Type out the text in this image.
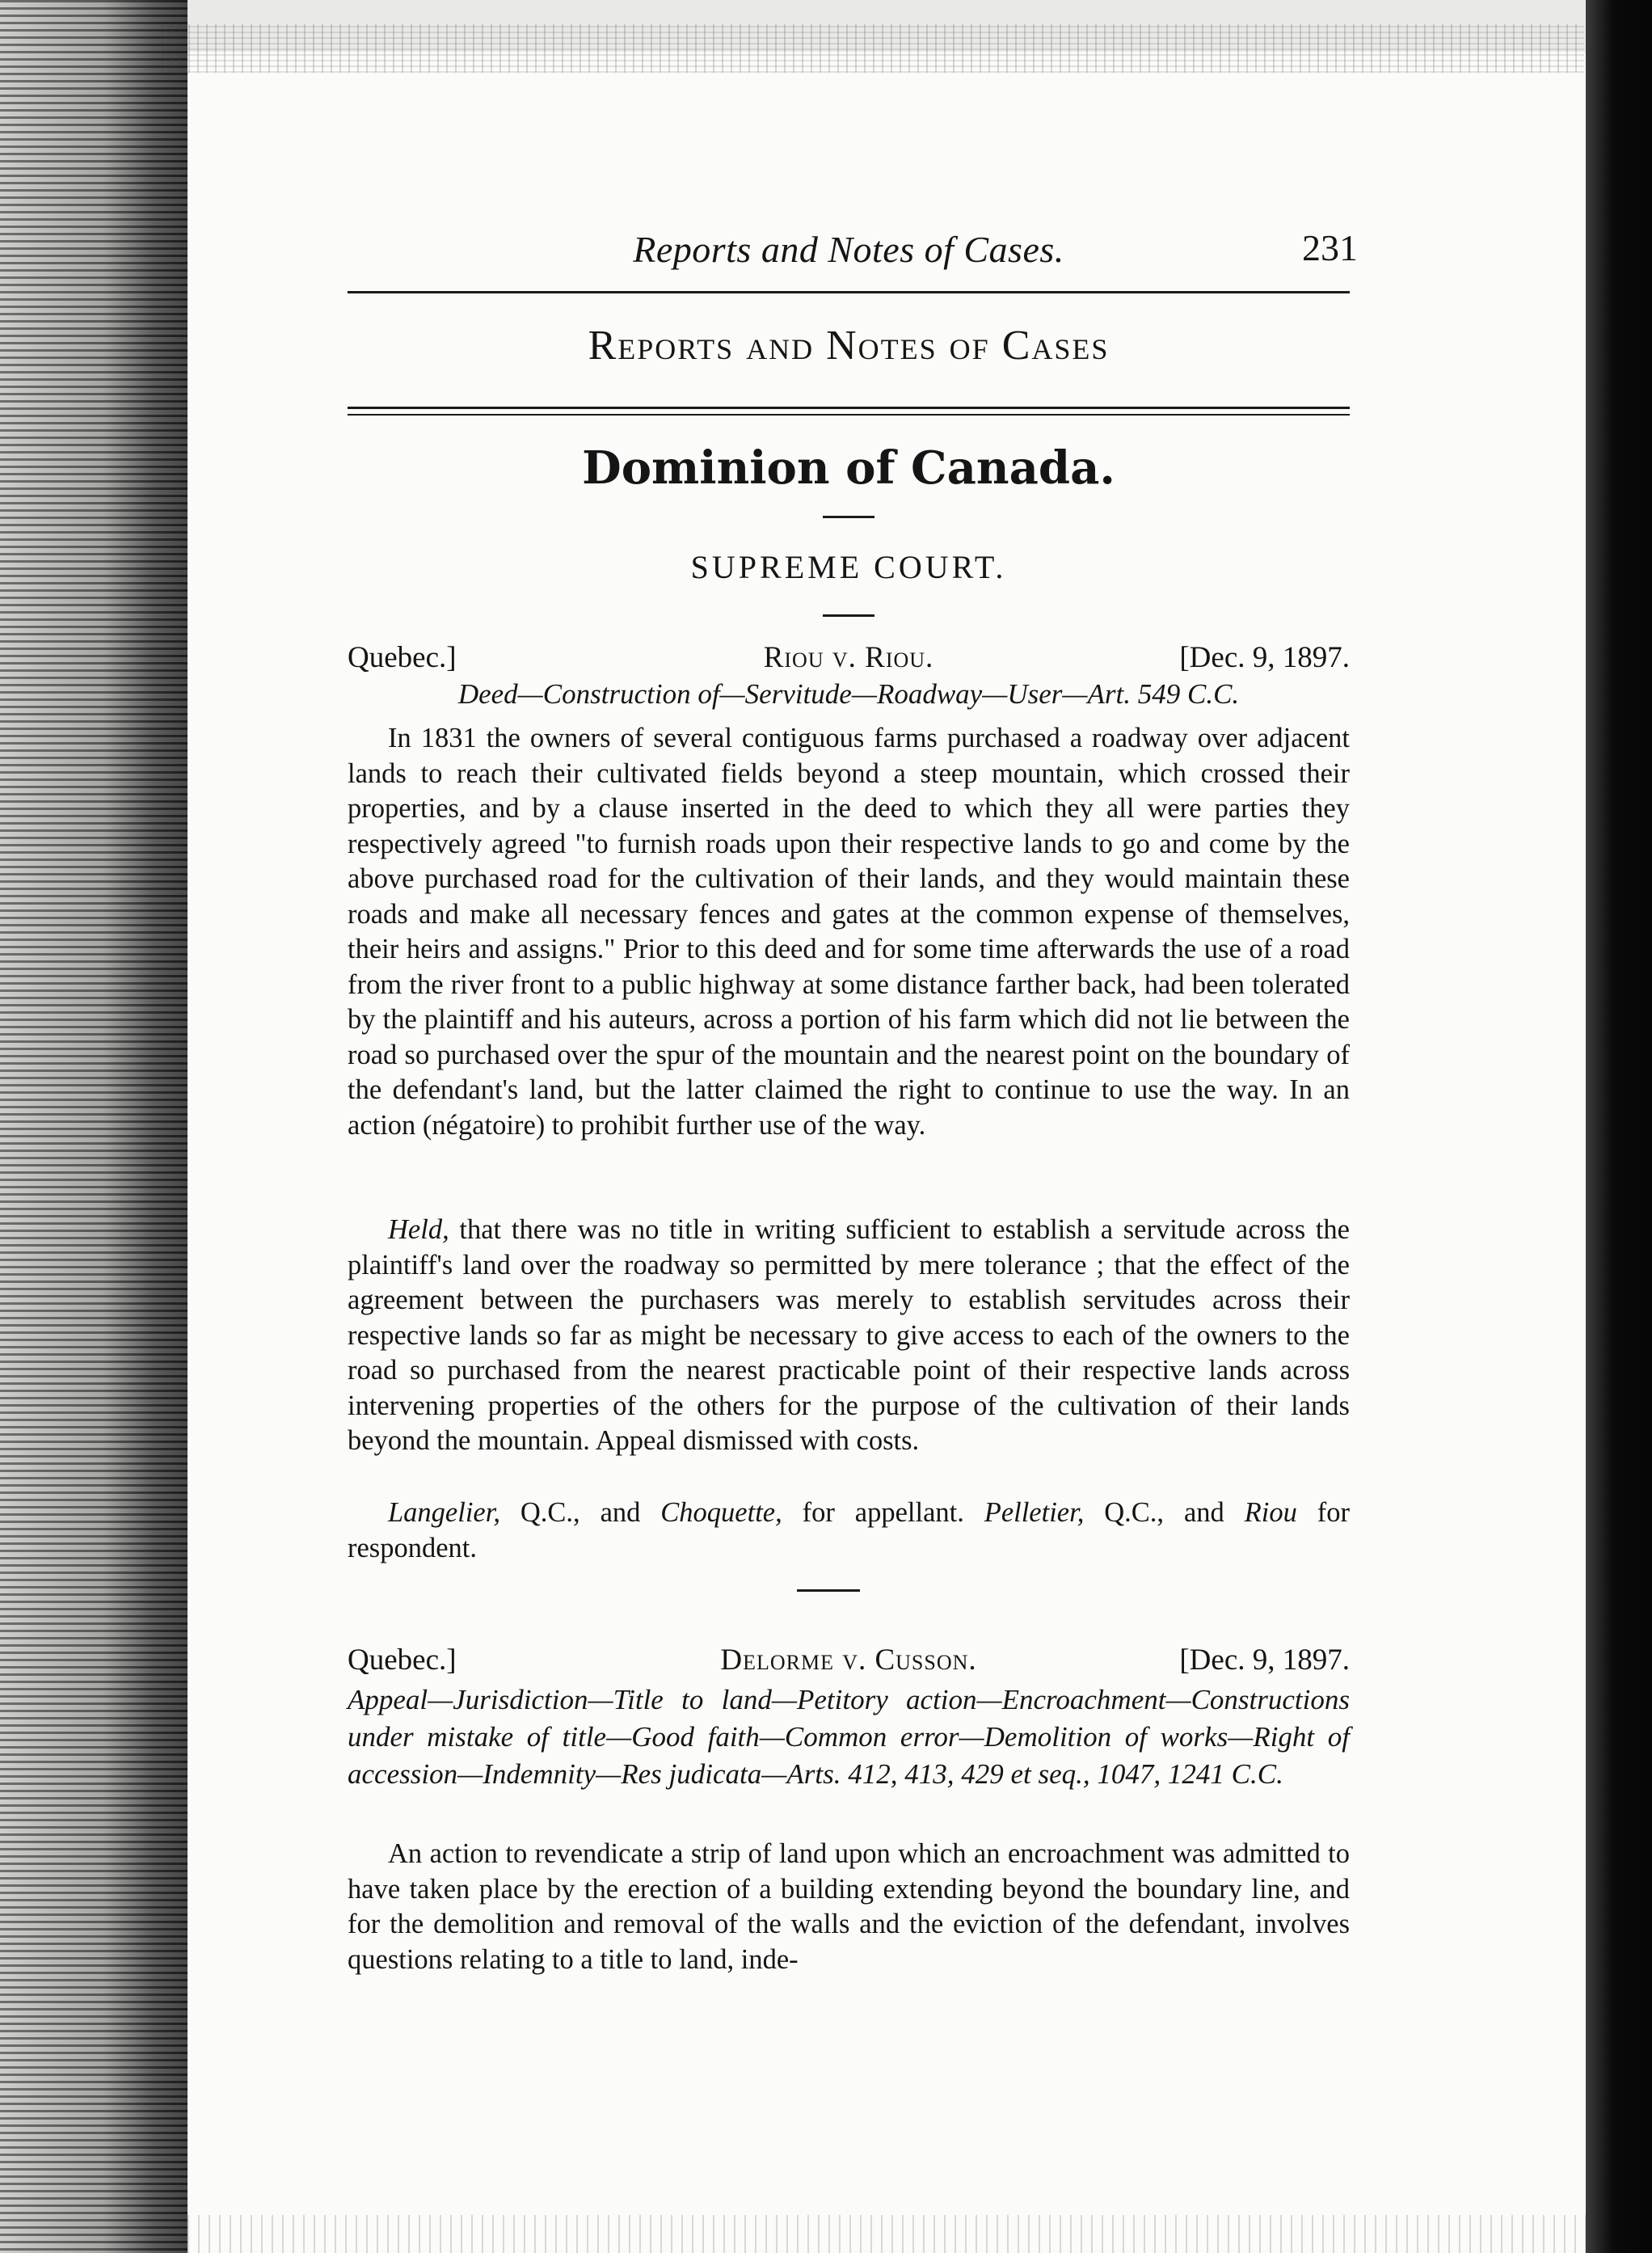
Reports and Notes of Cases.	231

Reports and Notes of Cases
Dominion of Canada.
SUPREME COURT.
Quebec.]	Riou v. Riou.	[Dec. 9, 1897.

Deed—Construction of—Servitude—Roadway—User—Art. 549 C.C.

In 1831 the owners of several contiguous farms purchased a roadway over adjacent lands to reach their cultivated fields beyond a steep mountain, which crossed their properties, and by a clause inserted in the deed to which they all were parties they respectively agreed "to furnish roads upon their respective lands to go and come by the above purchased road for the cultivation of their lands, and they would maintain these roads and make all necessary fences and gates at the common expense of themselves, their heirs and assigns." Prior to this deed and for some time afterwards the use of a road from the river front to a public highway at some distance farther back, had been tolerated by the plaintiff and his auteurs, across a portion of his farm which did not lie between the road so purchased over the spur of the mountain and the nearest point on the boundary of the defendant's land, but the latter claimed the right to continue to use the way. In an action (négatoire) to prohibit further use of the way.

Held, that there was no title in writing sufficient to establish a servitude across the plaintiff's land over the roadway so permitted by mere tolerance ; that the effect of the agreement between the purchasers was merely to establish servitudes across their respective lands so far as might be necessary to give access to each of the owners to the road so purchased from the nearest practicable point of their respective lands across intervening properties of the others for the purpose of the cultivation of their lands beyond the mountain. Appeal dismissed with costs.

Langelier, Q.C., and Choquette, for appellant. Pelletier, Q.C., and Riou for respondent.

Quebec.]	Delorme v. Cusson.	[Dec. 9, 1897.

Appeal—Jurisdiction—Title to land—Petitory action—Encroachment—Constructions under mistake of title—Good faith—Common error—Demolition of works—Right of accession—Indemnity—Res judicata—Arts. 412, 413, 429 et seq., 1047, 1241 C.C.

An action to revendicate a strip of land upon which an encroachment was admitted to have taken place by the erection of a building extending beyond the boundary line, and for the demolition and removal of the walls and the eviction of the defendant, involves questions relating to a title to land, inde-
